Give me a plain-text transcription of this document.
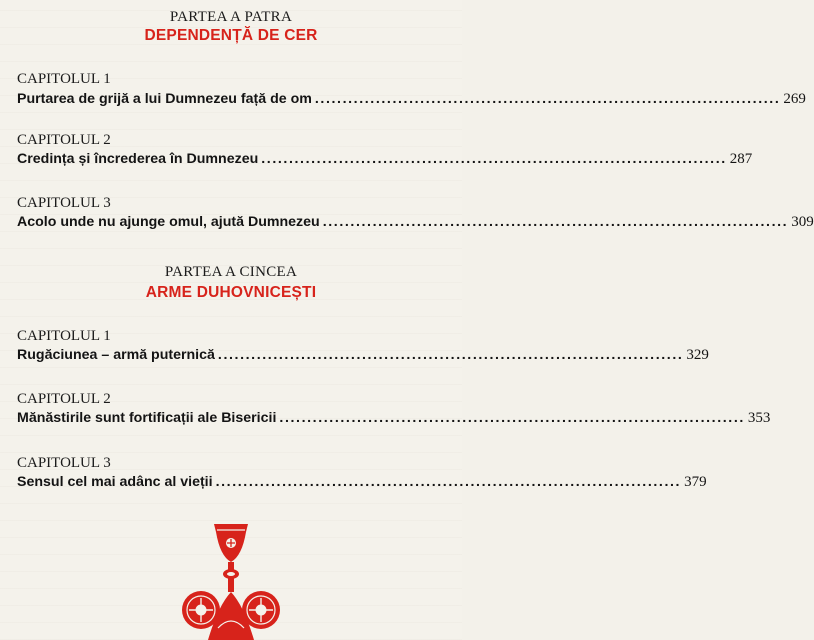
PARTEA A PATRA
DEPENDENȚĂ DE CER
CAPITOLUL 1
Purtarea de grijă a lui Dumnezeu față de om .................................................................................... 269
CAPITOLUL 2
Credința și încrederea în Dumnezeu .................................................................................... 287
CAPITOLUL 3
Acolo unde nu ajunge omul, ajută Dumnezeu .................................................................................... 309
PARTEA A CINCEA
ARME DUHOVNICEȘTI
CAPITOLUL 1
Rugăciunea – armă puternică .................................................................................... 329
CAPITOLUL 2
Mănăstirile sunt fortificații ale Bisericii .................................................................................... 353
CAPITOLUL 3
Sensul cel mai adânc al vieții .................................................................................... 379
